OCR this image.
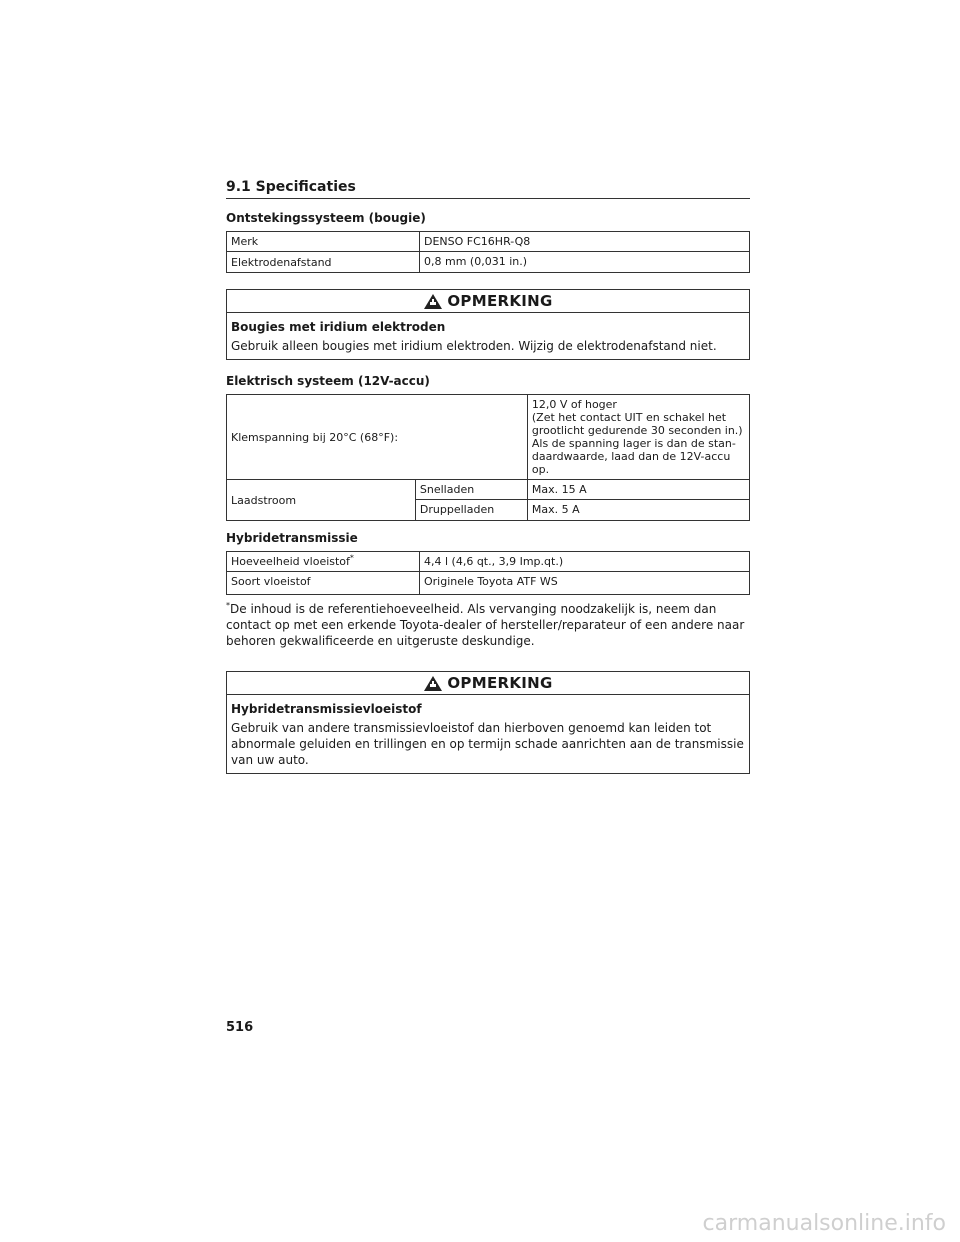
9.1 Specificaties
Ontstekingssysteem (bougie)
Merk	DENSO FC16HR-Q8
Elektrodenafstand	0,8 mm (0,031 in.)
OPMERKING
Bougies met iridium elektroden
Gebruik alleen bougies met iridium elektroden. Wijzig de elektrodenafstand niet.
Elektrisch systeem (12V-accu)
Klemspanning bij 20°C (68°F):		12,0 V of hoger
(Zet het contact UIT en schakel het grootlicht gedurende 30 seconden in.)
Als de spanning lager is dan de stan- daardwaarde, laad dan de 12V-accu op.

Laadstroom	Snelladen	Max. 15 A
	Druppelladen	Max. 5 A
Hybridetransmissie
Hoeveelheid vloeistof*	4,4 l (4,6 qt., 3,9 Imp.qt.)
Soort vloeistof	Originele Toyota ATF WS
*De inhoud is de referentiehoeveelheid. Als vervanging noodzakelijk is, neem dan contact op met een erkende Toyota-dealer of hersteller/reparateur of een andere naar behoren gekwalificeerde en uitgeruste deskundige.
OPMERKING
Hybridetransmissievloeistof
Gebruik van andere transmissievloeistof dan hierboven genoemd kan leiden tot abnormale geluiden en trillingen en op termijn schade aanrichten aan de transmissie van uw auto.
516
carmanualsonline.info
